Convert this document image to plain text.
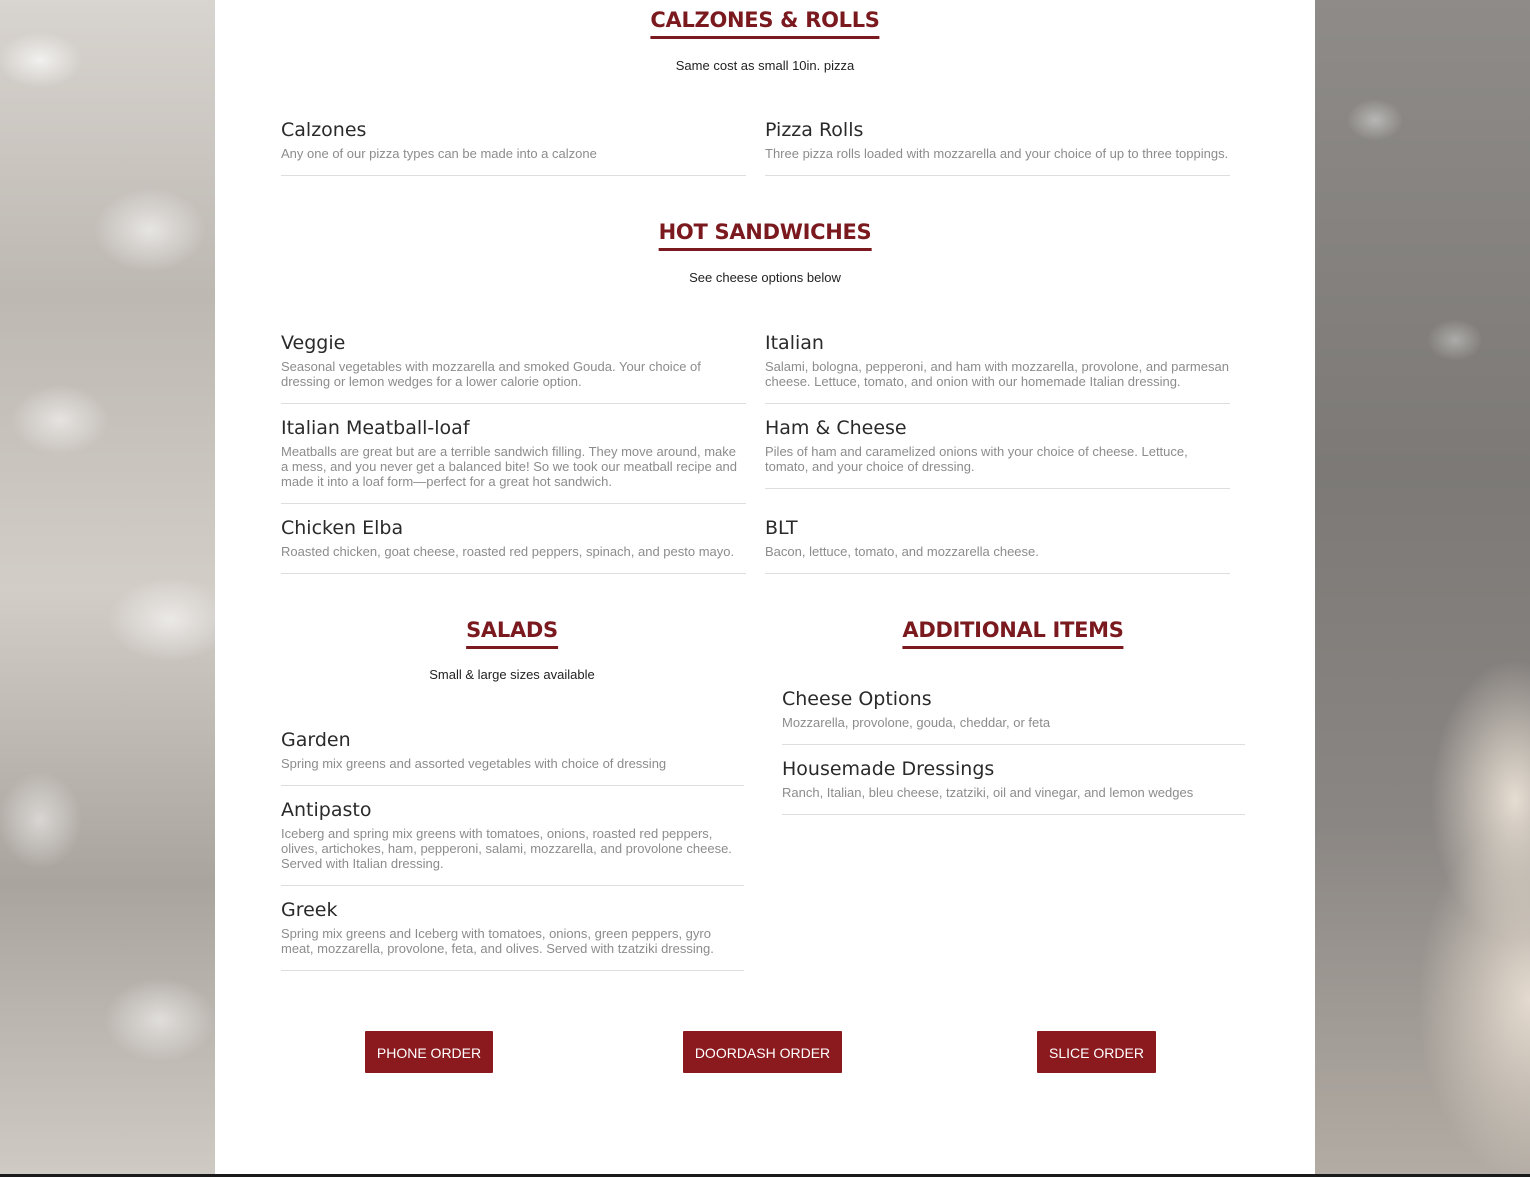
CALZONES & ROLLS
Same cost as small 10in. pizza
Calzones
Any one of our pizza types can be made into a calzone
Pizza Rolls
Three pizza rolls loaded with mozzarella and your choice of up to three toppings.
HOT SANDWICHES
See cheese options below
Veggie
Seasonal vegetables with mozzarella and smoked Gouda. Your choice of dressing or lemon wedges for a lower calorie option.
Italian
Salami, bologna, pepperoni, and ham with mozzarella, provolone, and parmesan cheese. Lettuce, tomato, and onion with our homemade Italian dressing.
Italian Meatball-loaf
Meatballs are great but are a terrible sandwich filling. They move around, make a mess, and you never get a balanced bite! So we took our meatball recipe and made it into a loaf form—perfect for a great hot sandwich.
Ham & Cheese
Piles of ham and caramelized onions with your choice of cheese. Lettuce, tomato, and your choice of dressing.
Chicken Elba
Roasted chicken, goat cheese, roasted red peppers, spinach, and pesto mayo.
BLT
Bacon, lettuce, tomato, and mozzarella cheese.
SALADS
Small & large sizes available
Garden
Spring mix greens and assorted vegetables with choice of dressing
Antipasto
Iceberg and spring mix greens with tomatoes, onions, roasted red peppers, olives, artichokes, ham, pepperoni, salami, mozzarella, and provolone cheese. Served with Italian dressing.
Greek
Spring mix greens and Iceberg with tomatoes, onions, green peppers, gyro meat, mozzarella, provolone, feta, and olives. Served with tzatziki dressing.
ADDITIONAL ITEMS
Cheese Options
Mozzarella, provolone, gouda, cheddar, or feta
Housemade Dressings
Ranch, Italian, bleu cheese, tzatziki, oil and vinegar, and lemon wedges
PHONE ORDER	DOORDASH ORDER	SLICE ORDER
